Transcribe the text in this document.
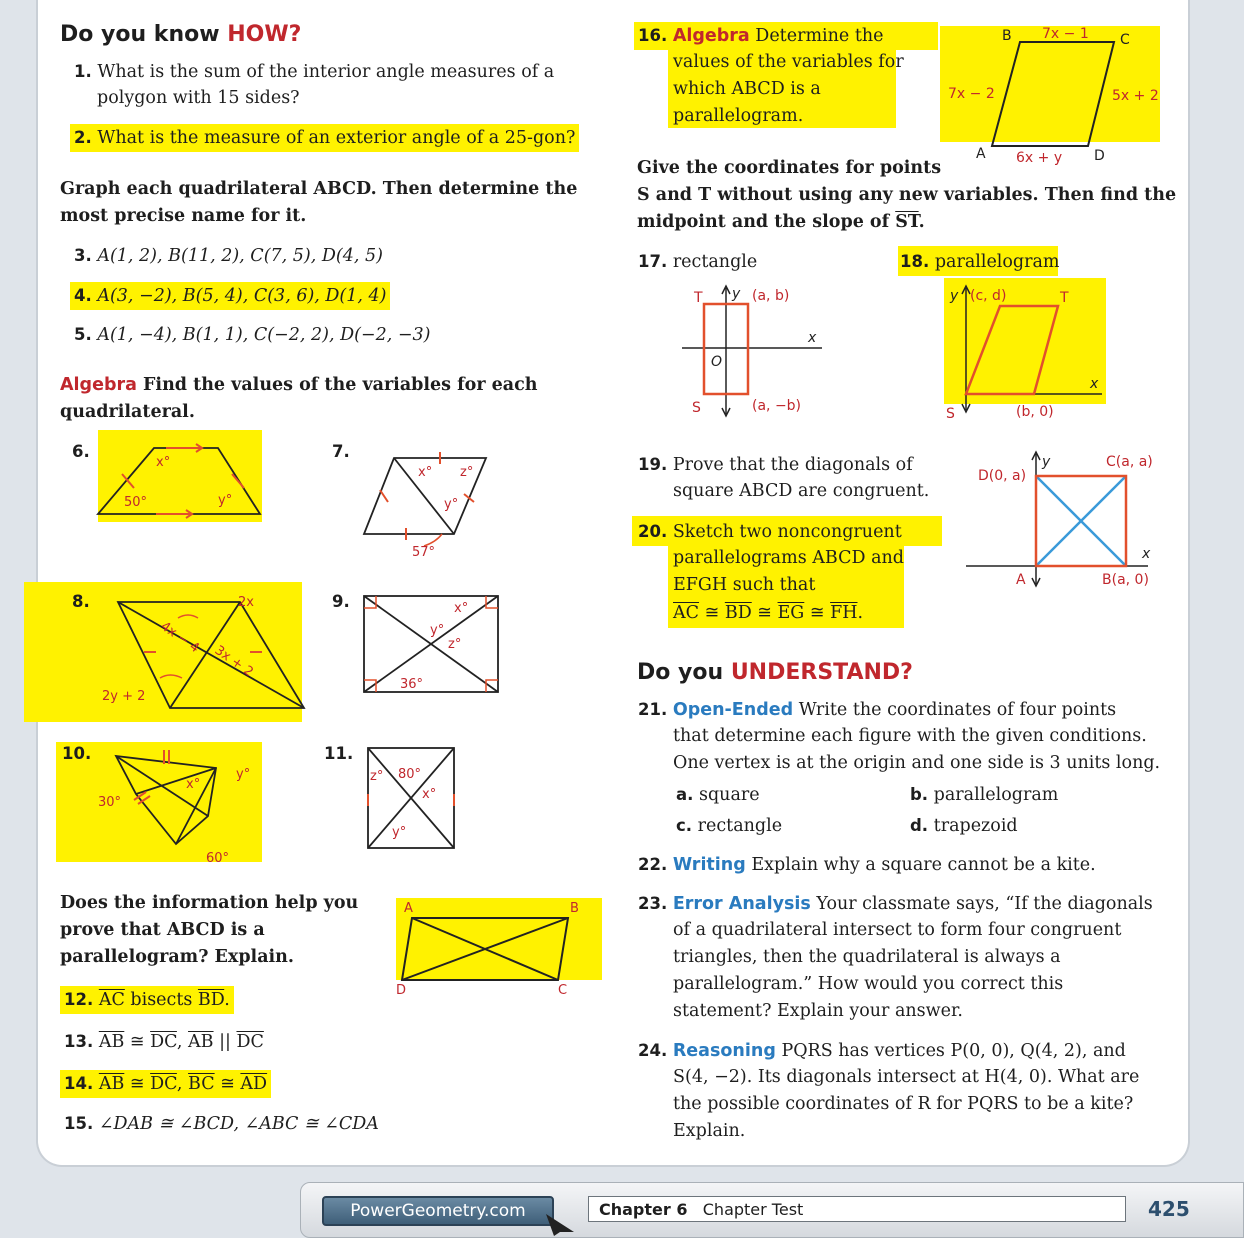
Do you know HOW?
1. What is the sum of the interior angle measures of a
polygon with 15 sides?
2. What is the measure of an exterior angle of a 25-gon?
Graph each quadrilateral ABCD. Then determine the
most precise name for it.
3. A(1, 2), B(11, 2), C(7, 5), D(4, 5)
4. A(3, −2), B(5, 4), C(3, 6), D(1, 4)
5. A(1, −4), B(1, 1), C(−2, 2), D(−2, −3)
Algebra Find the values of the variables for each
quadrilateral.
6.
x°
y°
50°
7.
x° z°
y°
57°
8.	2x
4x − 4
3x + 2
2y + 2
9.
y°
x°
z°
36°
10.
x°
y°
30°
60°
11.
z° 80°
x°
y°
Does the information help you
prove that ABCD is a
parallelogram? Explain.
A	B
D	C
12. $\overline{AC}$ bisects $\overline{BD}$.
13. $\overline{AB}$ ≅ $\overline{DC}$, $\overline{AB}$ || $\overline{DC}$
14. $\overline{AB}$ ≅ $\overline{DC}$, $\overline{BC}$ ≅ $\overline{AD}$
15. ∠DAB ≅ ∠BCD, ∠ABC ≅ ∠CDA
16. Algebra Determine the
values of the variables for
which ABCD is a
parallelogram.
B 7x − 1 C
7x − 2	5x + 2
A 6x + y D
Give the coordinates for points
S and T without using any new variables. Then find the
midpoint and the slope of $\overline{ST}$.
17. rectangle	18. parallelogram
T y (a, b)
x
O
S	(a, −b)
y (c, d)	T
x
S	(b, 0)
19. Prove that the diagonals of
square ABCD are congruent.
D(0, a)
y	C(a, a)
x
A	B(a, 0)
20. Sketch two noncongruent
parallelograms ABCD and
EFGH such that
$\overline{AC}$ ≅ $\overline{BD}$ ≅ $\overline{EG}$ ≅ $\overline{FH}$.
Do you UNDERSTAND?
21. Open-Ended Write the coordinates of four points
that determine each figure with the given conditions.
One vertex is at the origin and one side is 3 units long.
a. square	b. parallelogram
c. rectangle	d. trapezoid
22. Writing Explain why a square cannot be a kite.
23. Error Analysis Your classmate says, “If the diagonals
of a quadrilateral intersect to form four congruent
triangles, then the quadrilateral is always a
parallelogram.” How would you correct this
statement? Explain your answer.
24. Reasoning PQRS has vertices P(0, 0), Q(4, 2), and
S(4, −2). Its diagonals intersect at H(4, 0). What are
the possible coordinates of R for PQRS to be a kite?
Explain.
PowerGeometry.com	Chapter 6 Chapter Test	425
